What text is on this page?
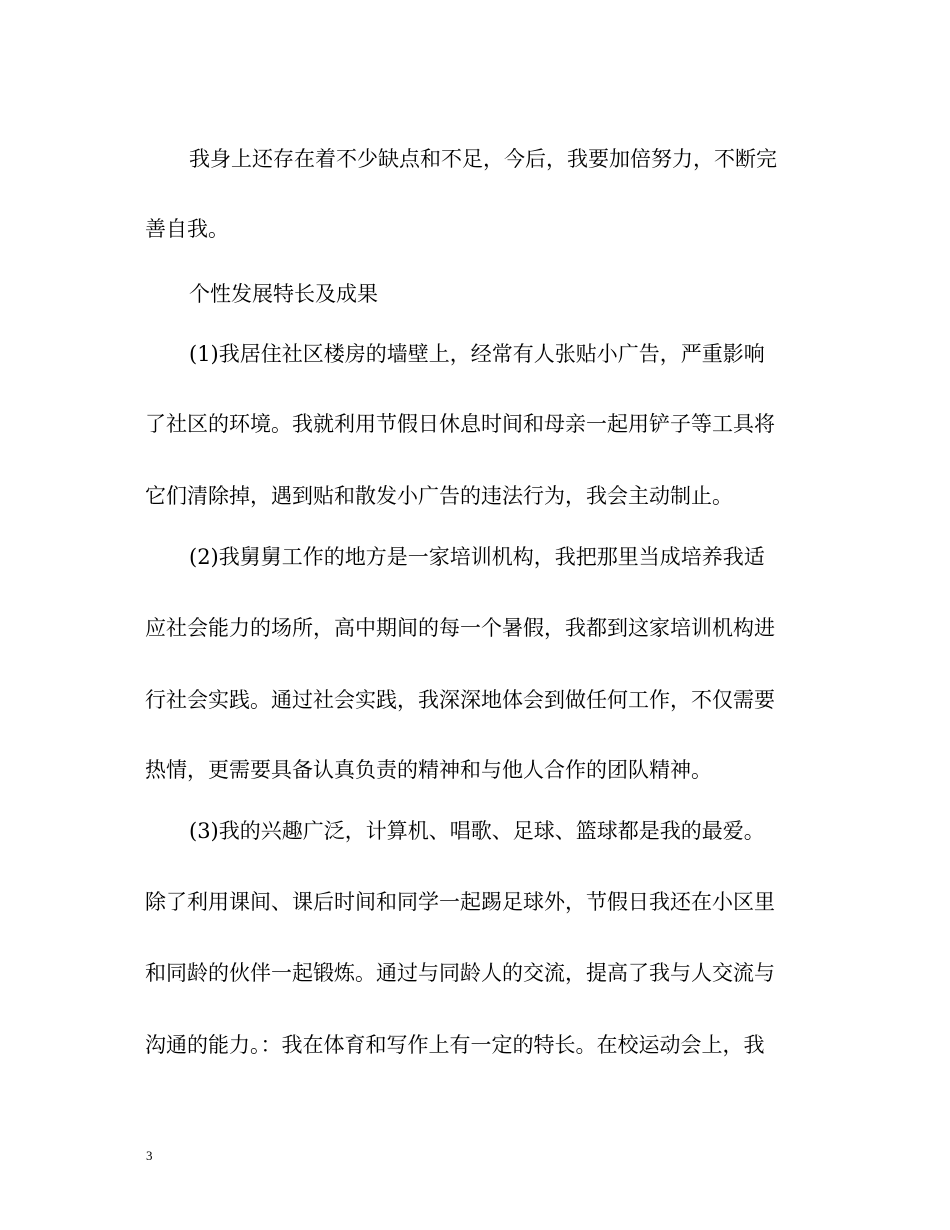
我身上还存在着不少缺点和不足，今后，我要加倍努力，不断完
善自我。
个性发展特长及成果
(1)我居住社区楼房的墙壁上，经常有人张贴小广告，严重影响
了社区的环境。我就利用节假日休息时间和母亲一起用铲子等工具将
它们清除掉，遇到贴和散发小广告的违法行为，我会主动制止。
(2)我舅舅工作的地方是一家培训机构，我把那里当成培养我适
应社会能力的场所，高中期间的每一个暑假，我都到这家培训机构进
行社会实践。通过社会实践，我深深地体会到做任何工作，不仅需要
热情，更需要具备认真负责的精神和与他人合作的团队精神。
(3)我的兴趣广泛，计算机、唱歌、足球、篮球都是我的最爱。
除了利用课间、课后时间和同学一起踢足球外，节假日我还在小区里
和同龄的伙伴一起锻炼。通过与同龄人的交流，提高了我与人交流与
沟通的能力。：我在体育和写作上有一定的特长。在校运动会上，我
3
